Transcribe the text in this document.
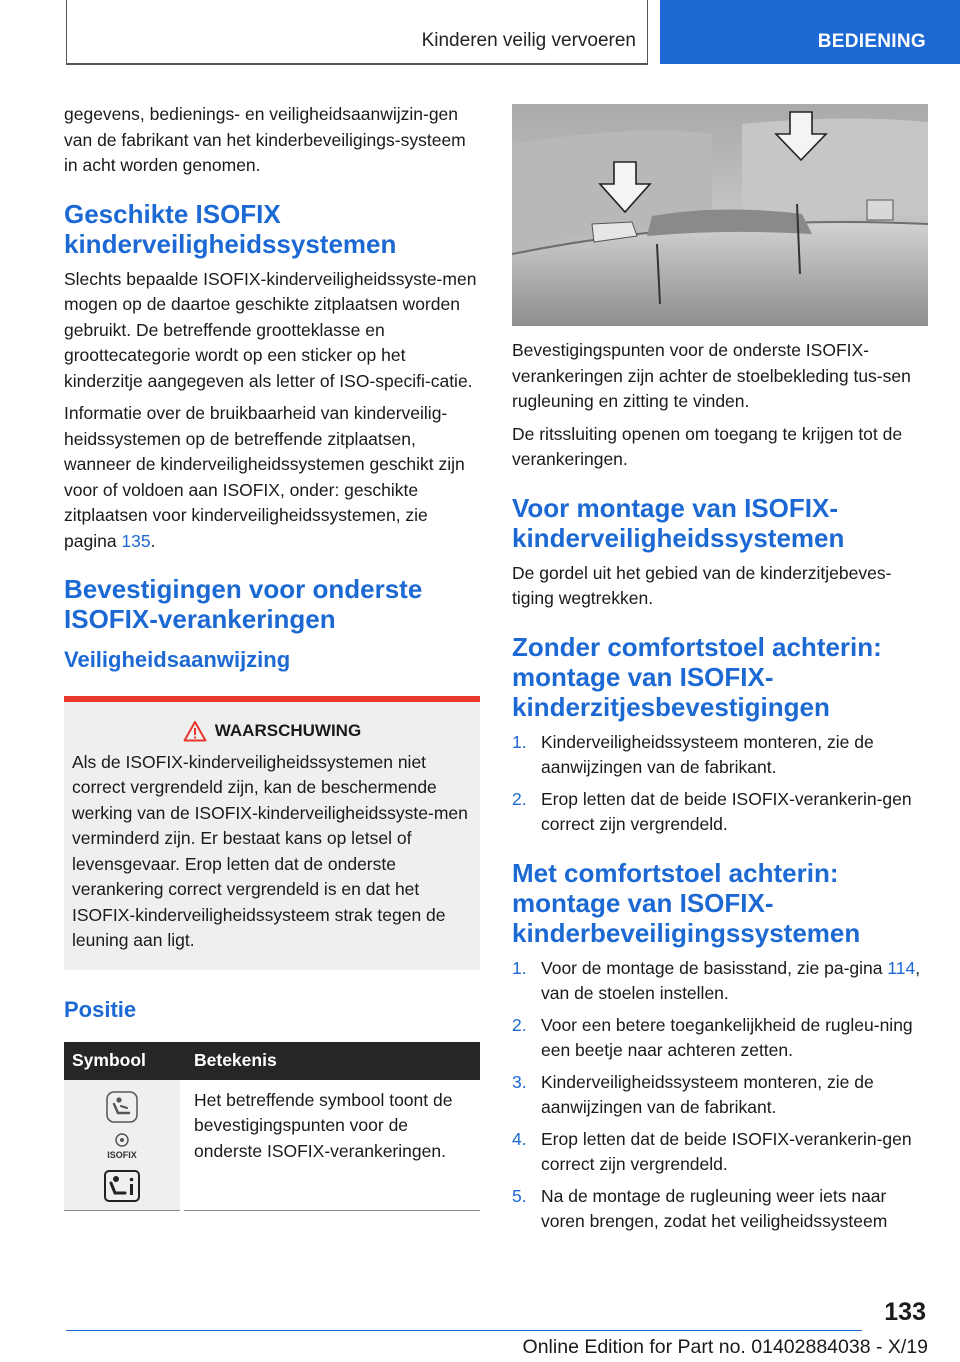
Kinderen veilig vervoeren	BEDIENING

gegevens, bedienings- en veiligheidsaanwijzin-gen van de fabrikant van het kinderbeveiligings-systeem in acht worden genomen.

Geschikte ISOFIX kinderveiligheidssystemen

Slechts bepaalde ISOFIX-kinderveiligheidssyste-men mogen op de daartoe geschikte zitplaatsen worden gebruikt. De betreffende grootteklasse en groottecategorie wordt op een sticker op het kinderzitje aangegeven als letter of ISO-specifi-catie.

Informatie over de bruikbaarheid van kinderveilig-heidssystemen op de betreffende zitplaatsen, wanneer de kinderveiligheidssystemen geschikt zijn voor of voldoen aan ISOFIX, onder: geschikte zitplaatsen voor kinderveiligheidssystemen, zie pagina 135.

Bevestigingen voor onderste ISOFIX-verankeringen
Veiligheidsaanwijzing
WAARSCHUWING
Als de ISOFIX-kinderveiligheidssystemen niet correct vergrendeld zijn, kan de beschermende werking van de ISOFIX-kinderveiligheidssyste-men verminderd zijn. Er bestaat kans op letsel of levensgevaar. Erop letten dat de onderste verankering correct vergrendeld is en dat het ISOFIX-kinderveiligheidssysteem strak tegen de leuning aan ligt.
Positie
Symbool	Betekenis

ISOFIX	Het betreffende symbool toont de bevestigingspunten voor de onderste ISOFIX-verankeringen.

Bevestigingspunten voor de onderste ISOFIX-verankeringen zijn achter de stoelbekleding tus-sen rugleuning en zitting te vinden.

De ritssluiting openen om toegang te krijgen tot de verankeringen.

Voor montage van ISOFIX-kinderveiligheidssystemen

De gordel uit het gebied van de kinderzitjebeves-tiging wegtrekken.

Zonder comfortstoel achterin: montage van ISOFIX-kinderzitjesbevestigingen
1. Kinderveiligheidssysteem monteren, zie de aanwijzingen van de fabrikant.
2. Erop letten dat de beide ISOFIX-verankerin-gen correct zijn vergrendeld.
Met comfortstoel achterin: montage van ISOFIX-kinderbeveiligingssystemen
1. Voor de montage de basisstand, zie pa-gina 114, van de stoelen instellen.
2. Voor een betere toegankelijkheid de rugleu-ning een beetje naar achteren zetten.
3. Kinderveiligheidssysteem monteren, zie de aanwijzingen van de fabrikant.
4. Erop letten dat de beide ISOFIX-verankerin-gen correct zijn vergrendeld.
5. Na de montage de rugleuning weer iets naar voren brengen, zodat het veiligheidssysteem
133
Online Edition for Part no. 01402884038 - X/19
